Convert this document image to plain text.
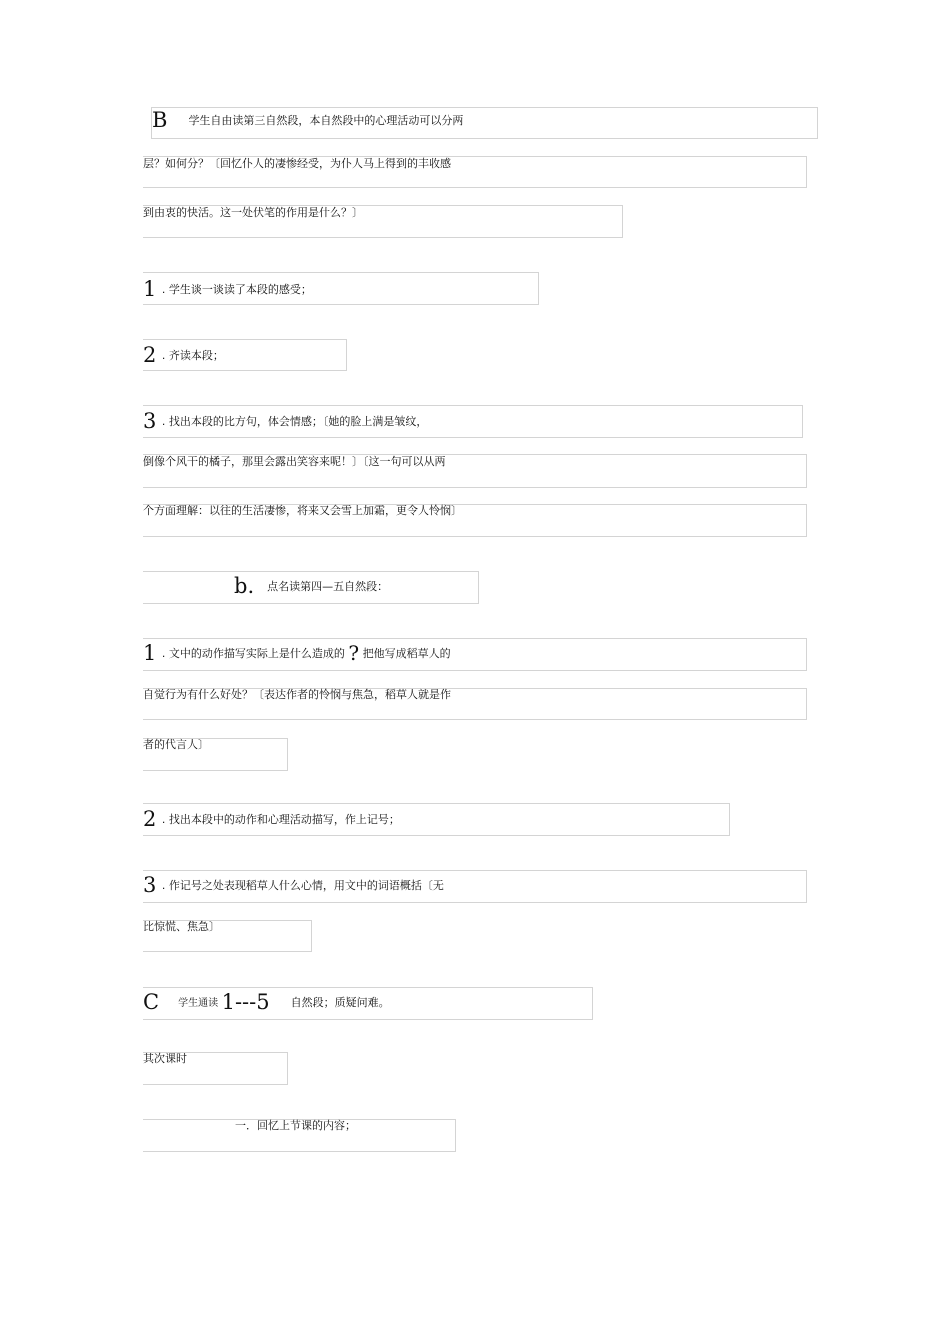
B 学生自由读第三自然段，本自然段中的心理活动可以分两
层？如何分？〔回忆仆人的凄惨经受，为仆人马上得到的丰收感
到由衷的快活。这一处伏笔的作用是什么？〕
1 . 学生谈一谈读了本段的感受；
2 . 齐读本段；
3 . 找出本段的比方句，体会情感；〔她的脸上满是皱纹，
倒像个风干的橘子，那里会露出笑容来呢！〕〔这一句可以从两
个方面理解：以往的生活凄惨，将来又会雪上加霜，更令人怜悯〕
b. 点名读第四—五自然段：
1 . 文中的动作描写实际上是什么造成的 ? 把他写成稻草人的
自觉行为有什么好处？〔表达作者的怜悯与焦急，稻草人就是作
者的代言人〕
2 . 找出本段中的动作和心理活动描写，作上记号；
3 . 作记号之处表现稻草人什么心情，用文中的词语概括〔无
比惊慌、焦急〕
C 学生通读 1---5 自然段；质疑问难。
其次课时
一．回忆上节课的内容；
